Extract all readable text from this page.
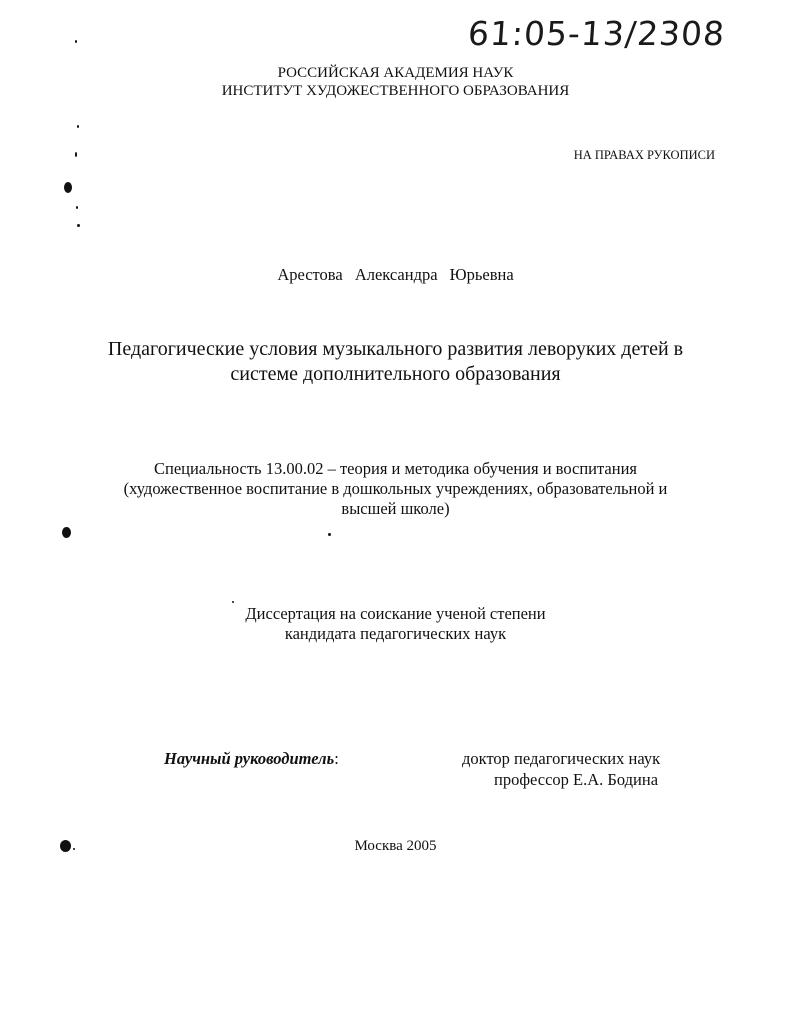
61:05-13/2308
РОССИЙСКАЯ АКАДЕМИЯ НАУК
ИНСТИТУТ ХУДОЖЕСТВЕННОГО ОБРАЗОВАНИЯ
НА ПРАВАХ РУКОПИСИ
Арестова Александра Юрьевна
Педагогические условия музыкального развития леворуких детей в
системе дополнительного образования
Специальность 13.00.02 – теория и методика обучения и воспитания
(художественное воспитание в дошкольных учреждениях, образовательной и
высшей школе)
Диссертация на соискание ученой степени
кандидата педагогических наук
Научный руководитель:	доктор педагогических наук
профессор Е.А. Бодина
Москва 2005
